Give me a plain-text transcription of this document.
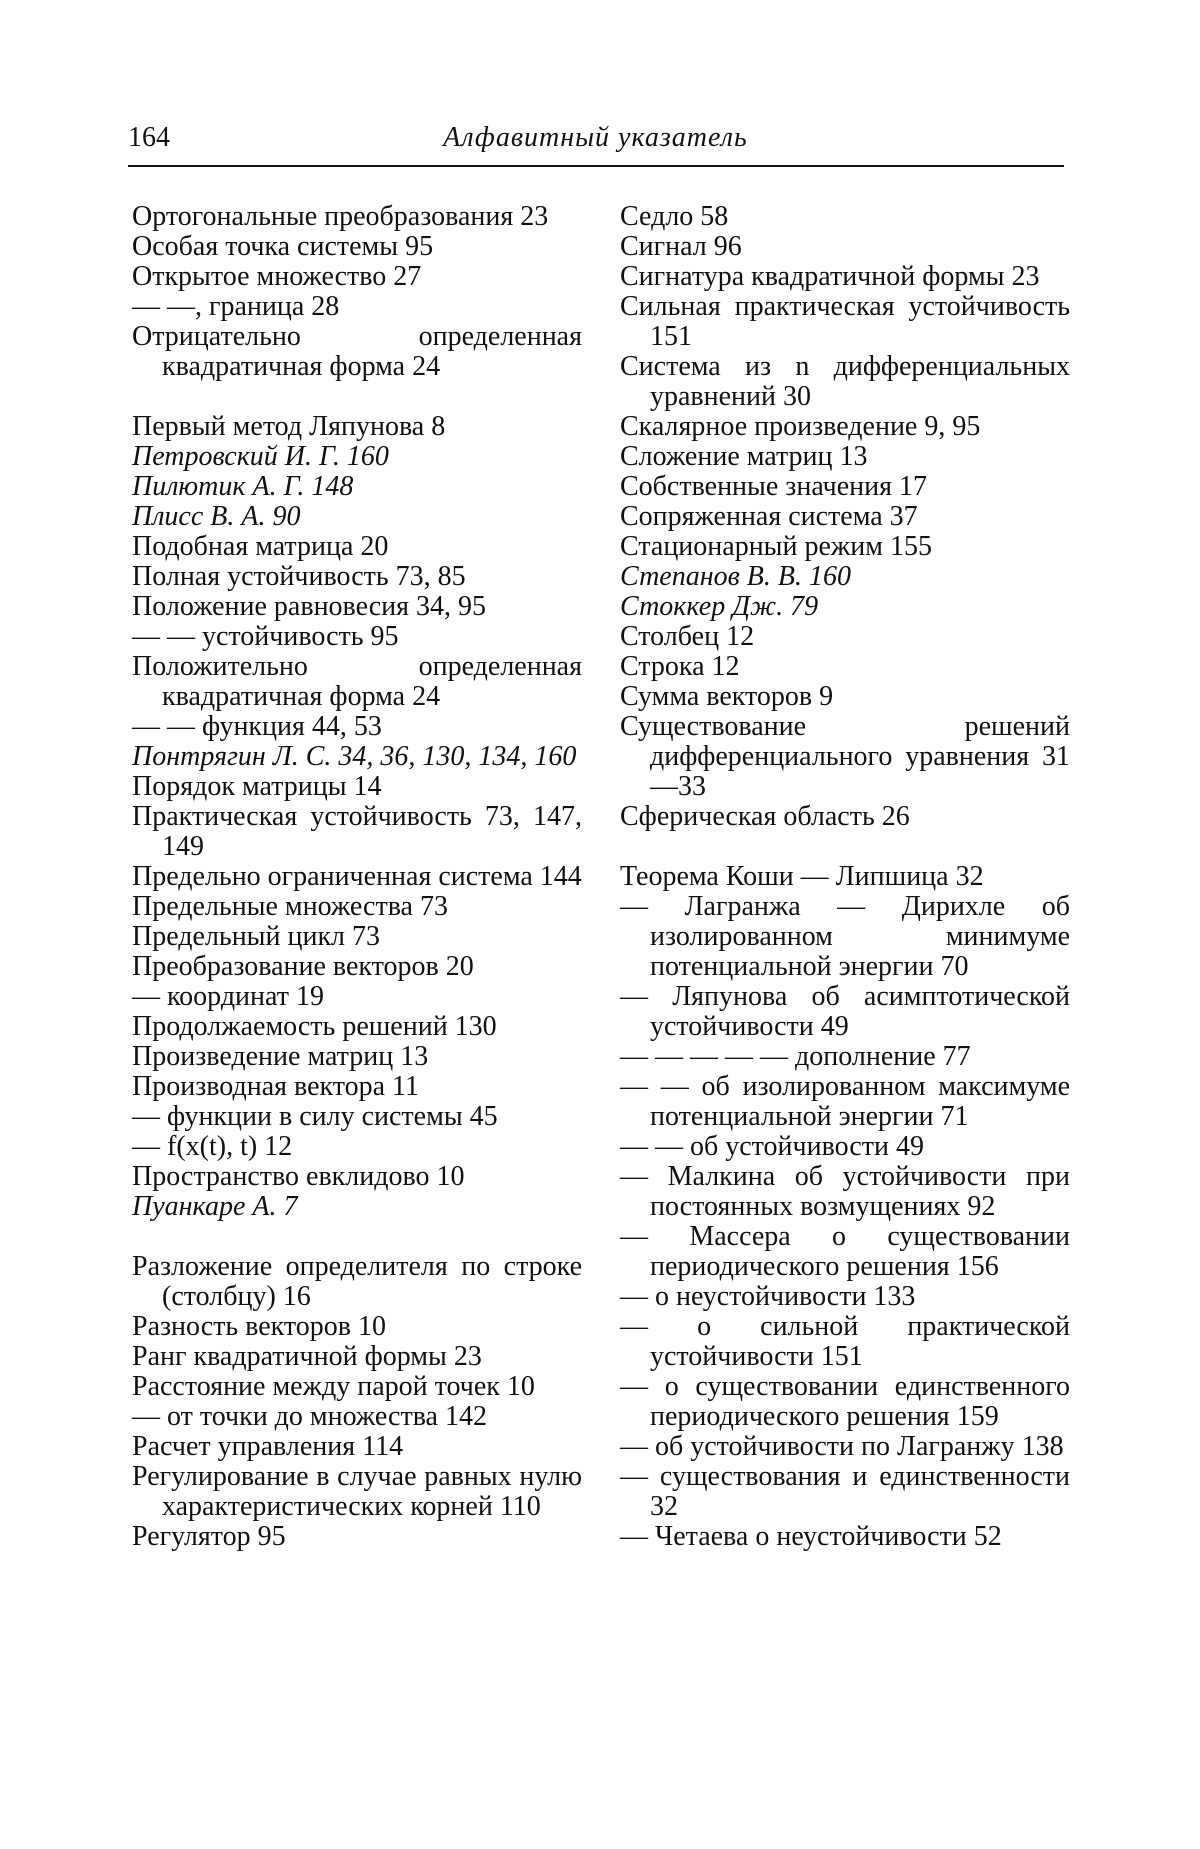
164	Алфавитный указатель

Ортогональные преобразования 23

Особая точка системы 95

Открытое множество 27

— —, граница 28

Отрицательно определенная квадратичная форма 24

Первый метод Ляпунова 8

Петровский И. Г. 160

Пилютик А. Г. 148

Плисс В. А. 90

Подобная матрица 20

Полная устойчивость 73, 85

Положение равновесия 34, 95

— — устойчивость 95

Положительно определенная квадратичная форма 24

— — функция 44, 53

Понтрягин Л. С. 34, 36, 130, 134, 160

Порядок матрицы 14

Практическая устойчивость 73, 147, 149

Предельно ограниченная система 144

Предельные множества 73

Предельный цикл 73

Преобразование векторов 20

— координат 19

Продолжаемость решений 130

Произведение матриц 13

Производная вектора 11

— функции в силу системы 45

— f(x(t), t) 12

Пространство евклидово 10

Пуанкаре А. 7

Разложение определителя по строке (столбцу) 16

Разность векторов 10

Ранг квадратичной формы 23

Расстояние между парой точек 10

— от точки до множества 142

Расчет управления 114

Регулирование в случае равных нулю характеристических корней 110

Регулятор 95

Седло 58

Сигнал 96

Сигнатура квадратичной формы 23

Сильная практическая устойчивость 151

Система из n дифференциальных уравнений 30

Скалярное произведение 9, 95

Сложение матриц 13

Собственные значения 17

Сопряженная система 37

Стационарный режим 155

Степанов В. В. 160

Стоккер Дж. 79

Столбец 12

Строка 12

Сумма векторов 9

Существование решений дифференциального уравнения 31—33

Сферическая область 26

Теорема Коши — Липшица 32

— Лагранжа — Дирихле об изолированном минимуме потенциальной энергии 70

— Ляпунова об асимптотической устойчивости 49

— — — — — дополнение 77

— — об изолированном максимуме потенциальной энергии 71

— — об устойчивости 49

— Малкина об устойчивости при постоянных возмущениях 92

— Массера о существовании периодического решения 156

— о неустойчивости 133

— о сильной практической устойчивости 151

— о существовании единственного периодического решения 159

— об устойчивости по Лагранжу 138

— существования и единственности 32

— Четаева о неустойчивости 52
